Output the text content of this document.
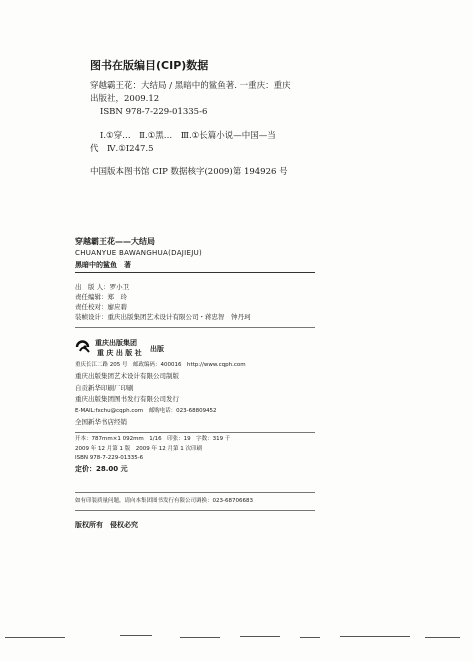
图书在版编目(CIP)数据
穿越霸王花：大结局 / 黑暗中的鲨鱼著. 一重庆：重庆
出版社，2009.12
ISBN 978-7-229-01335-6
Ⅰ.①穿…　Ⅱ.①黑…　Ⅲ.①长篇小说—中国—当
代　Ⅳ.①I247.5
中国版本图书馆 CIP 数据核字(2009)第 194926 号
穿越霸王花——大结局
CHUANYUE BAWANGHUA(DAJIEJU)
黑暗中的鲨鱼　著
出　版 人：罗小卫
责任编辑：郑　玲
责任校对：廖应碧
装帧设计：重庆出版集团艺术设计有限公司・蒋忠智　钟丹珂
重庆出版集团
重 庆 出 版 社 出版
重庆长江二路 205 号　邮政编码：400016　http://www.cqph.com
重庆出版集团艺术设计有限公司制版
自贡新华印刷厂印刷
重庆出版集团图书发行有限公司发行
E-MAIL:fxchu@cqph.com　邮购电话：023-68809452
全国新华书店经销
开本：787mm×1 092mm　1/16　印张：19　字数：319 千
2009 年 12 月第 1 版　2009 年 12 月第 1 次印刷
ISBN 978-7-229-01335-6
定价：28.00 元
如有印装质量问题，请向本集团图书发行有限公司调换：023-68706683
版权所有　侵权必究
